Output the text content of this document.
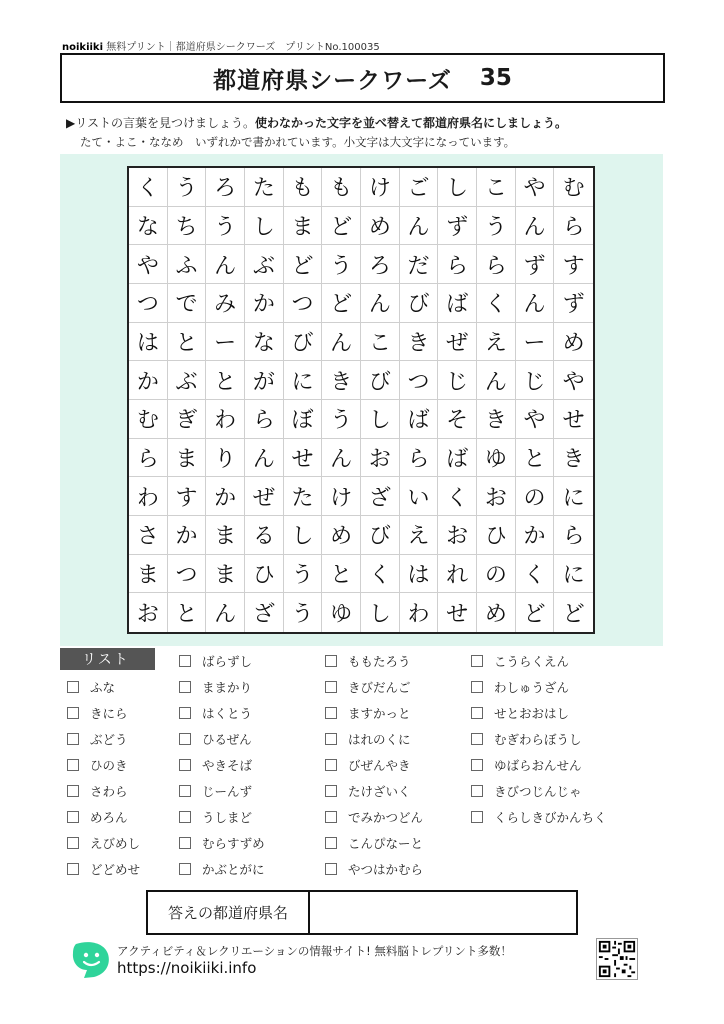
noikiiki 無料プリント｜都道府県シークワーズ　プリントNo.100035
都道府県シークワーズ 35
▶リストの言葉を見つけましょう。使わなかった文字を並べ替えて都道府県名にしましょう。
たて・よこ・ななめ　いずれかで書かれています。小文字は大文字になっています。
く う ろ た も も け ご し こ や む
な ち う し ま ど め ん ず う ん ら
や ふ ん ぶ ど う ろ だ ら ら ず す
つ で み か つ ど ん び ば く ん ず
は と ー な び ん こ き ぜ え ー め
か ぶ と が に き び つ じ ん じ や
む ぎ わ ら ぼ う し ば そ き や せ
ら ま り ん せ ん お ら ば ゆ と き
わ す か ぜ た け ざ い く お の に
さ か ま る し め び え お ひ か ら
ま つ ま ひ う と く は れ の く に
お と ん ざ う ゆ し わ せ め ど ど
リスト
ふな
きにら
ぶどう
ひのき
さわら
めろん
えびめし
どどめせ
ばらずし
ままかり
はくとう
ひるぜん
やきそば
じーんず
うしまど
むらすずめ
かぶとがに
ももたろう
きびだんご
ますかっと
はれのくに
びぜんやき
たけざいく
でみかつどん
こんぴなーと
やつはかむら
こうらくえん
わしゅうざん
せとおおはし
むぎわらぼうし
ゆばらおんせん
きびつじんじゃ
くらしきびかんちく
答えの都道府県名
アクティビティ＆レクリエーションの情報サイト! 無料脳トレプリント多数！
https://noikiiki.info
